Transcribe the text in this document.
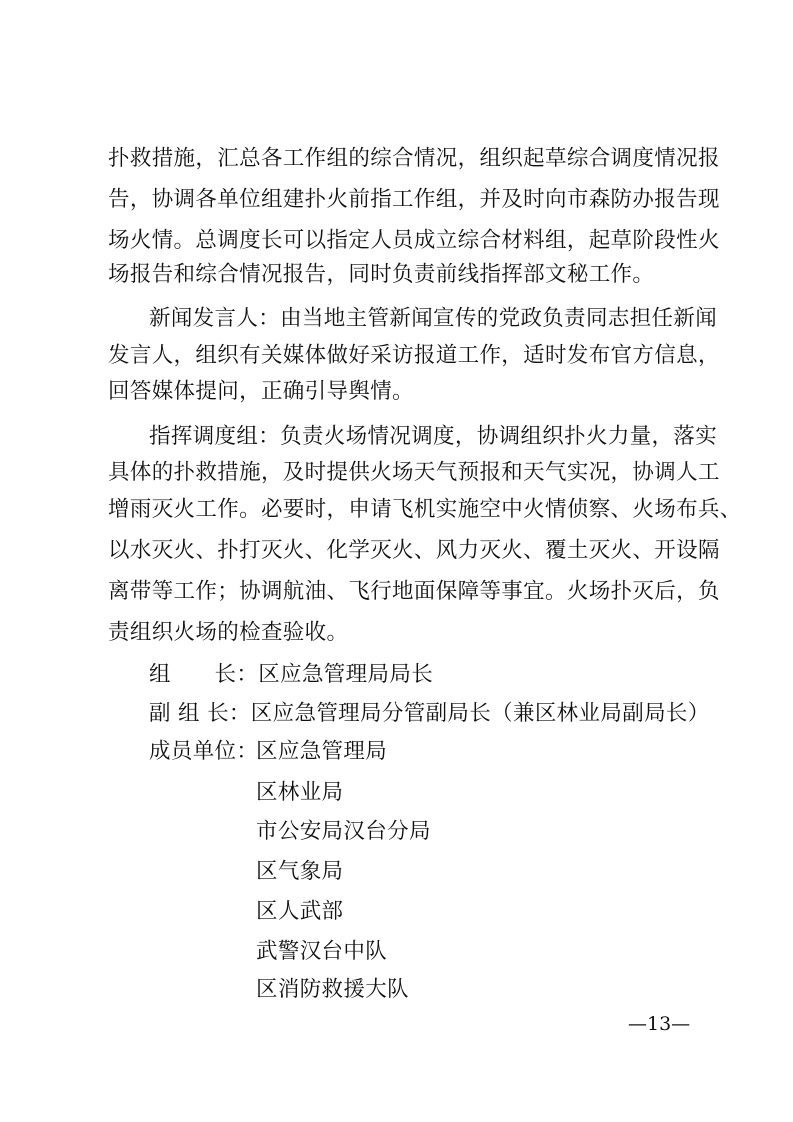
扑救措施，汇总各工作组的综合情况，组织起草综合调度情况报
告，协调各单位组建扑火前指工作组，并及时向市森防办报告现
场火情。总调度长可以指定人员成立综合材料组，起草阶段性火
场报告和综合情况报告，同时负责前线指挥部文秘工作。
新闻发言人：由当地主管新闻宣传的党政负责同志担任新闻
发言人，组织有关媒体做好采访报道工作，适时发布官方信息，
回答媒体提问，正确引导舆情。
指挥调度组：负责火场情况调度，协调组织扑火力量，落实
具体的扑救措施，及时提供火场天气预报和天气实况，协调人工
增雨灭火工作。必要时，申请飞机实施空中火情侦察、火场布兵、
以水灭火、扑打灭火、化学灭火、风力灭火、覆土灭火、开设隔
离带等工作；协调航油、飞行地面保障等事宜。火场扑灭后，负
责组织火场的检查验收。
组　　长：区应急管理局局长
副 组 长：区应急管理局分管副局长（兼区林业局副局长）
成员单位：
区应急管理局
区林业局
市公安局汉台分局
区气象局
区人武部
武警汉台中队
区消防救援大队
—13—
